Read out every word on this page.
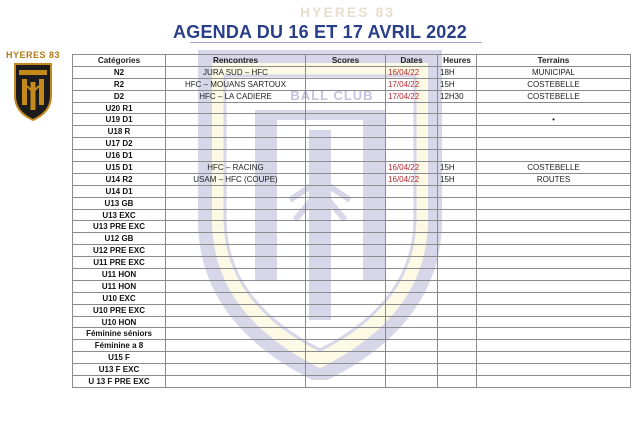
HYERES 83
AGENDA DU 16 ET 17 AVRIL 2022
HYERES 83
BALL CLUB
Catégories	Rencontres	Scores	Dates	Heures	Terrains
N2	JURA SUD – HFC		16/04/22	18H	MUNICIPAL
R2	HFC – MOUANS SARTOUX		17/04/22	15H	COSTEBELLE
D2	HFC – LA CADIERE		17/04/22	12H30	COSTEBELLE
U20 R1					
U19 D1					•
U18 R					
U17 D2					
U16 D1					
U15 D1	HFC – RACING		16/04/22	15H	COSTEBELLE
U14 R2	USAM – HFC (COUPE)		16/04/22	15H	ROUTES
U14 D1					
U13 GB					
U13 EXC					
U13 PRE EXC					
U12 GB					
U12 PRE EXC					
U11 PRE EXC					
U11 HON					
U11 HON					
U10 EXC					
U10 PRE EXC					
U10 HON					
Féminine séniors					
Féminine a 8					
U15 F					
U13 F EXC					
U 13 F PRE EXC					
